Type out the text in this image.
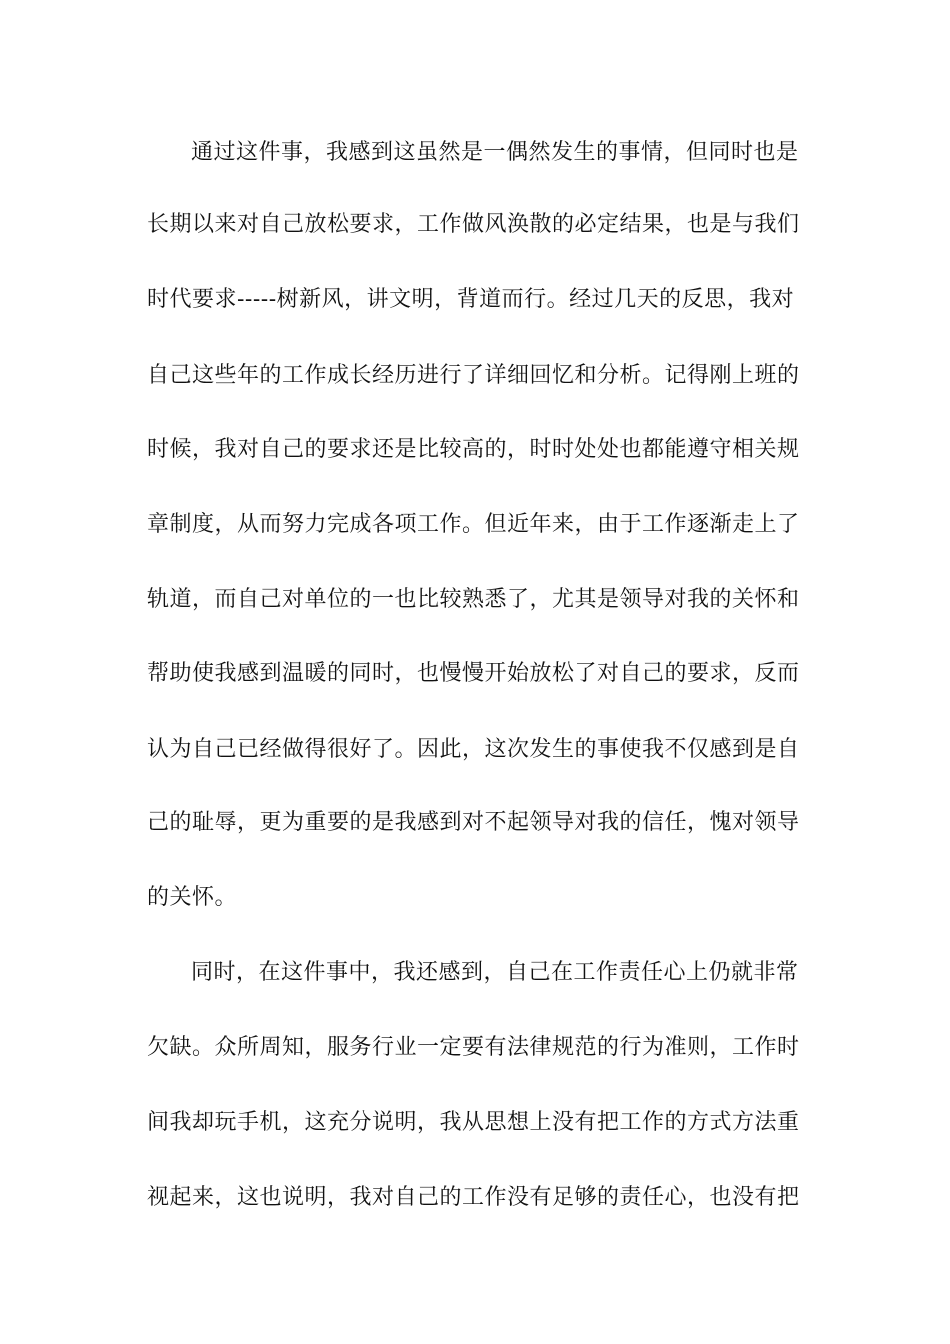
通过这件事，我感到这虽然是一偶然发生的事情，但同时也是
长期以来对自己放松要求，工作做风涣散的必定结果，也是与我们
时代要求-----树新风，讲文明，背道而行。经过几天的反思，我对
自己这些年的工作成长经历进行了详细回忆和分析。记得刚上班的
时候，我对自己的要求还是比较高的，时时处处也都能遵守相关规
章制度，从而努力完成各项工作。但近年来，由于工作逐渐走上了
轨道，而自己对单位的一也比较熟悉了，尤其是领导对我的关怀和
帮助使我感到温暖的同时，也慢慢开始放松了对自己的要求，反而
认为自己已经做得很好了。因此，这次发生的事使我不仅感到是自
己的耻辱，更为重要的是我感到对不起领导对我的信任，愧对领导
的关怀。
同时，在这件事中，我还感到，自己在工作责任心上仍就非常
欠缺。众所周知，服务行业一定要有法律规范的行为准则，工作时
间我却玩手机，这充分说明，我从思想上没有把工作的方式方法重
视起来，这也说明，我对自己的工作没有足够的责任心，也没有把
